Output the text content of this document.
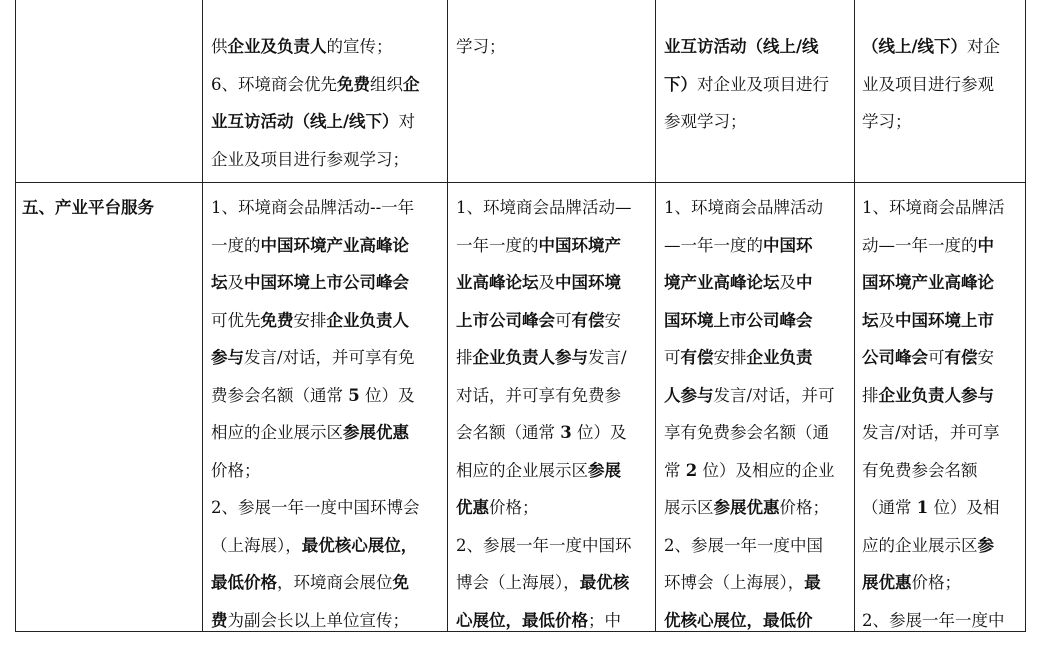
五、产业平台服务
供企业及负责人的宣传；
6、环境商会优先免费组织企
业互访活动（线上/线下）对
企业及项目进行参观学习；
1、环境商会品牌活动--一年
一度的中国环境产业高峰论
坛及中国环境上市公司峰会
可优先免费安排企业负责人
参与发言/对话，并可享有免
费参会名额（通常 5 位）及
相应的企业展示区参展优惠
价格；
2、参展一年一度中国环博会
（上海展），最优核心展位，
最低价格，环境商会展位免
费为副会长以上单位宣传；
学习；
1、环境商会品牌活动—
一年一度的中国环境产
业高峰论坛及中国环境
上市公司峰会可有偿安
排企业负责人参与发言/
对话，并可享有免费参
会名额（通常 3 位）及
相应的企业展示区参展
优惠价格；
2、参展一年一度中国环
博会（上海展），最优核
心展位，最低价格；中
业互访活动（线上/线
下）对企业及项目进行
参观学习；
1、环境商会品牌活动
—一年一度的中国环
境产业高峰论坛及中
国环境上市公司峰会
可有偿安排企业负责
人参与发言/对话，并可
享有免费参会名额（通
常 2 位）及相应的企业
展示区参展优惠价格；
2、参展一年一度中国
环博会（上海展），最
优核心展位，最低价
（线上/线下）对企
业及项目进行参观
学习；
1、环境商会品牌活
动—一年一度的中
国环境产业高峰论
坛及中国环境上市
公司峰会可有偿安
排企业负责人参与
发言/对话，并可享
有免费参会名额
（通常 1 位）及相
应的企业展示区参
展优惠价格；
2、参展一年一度中
